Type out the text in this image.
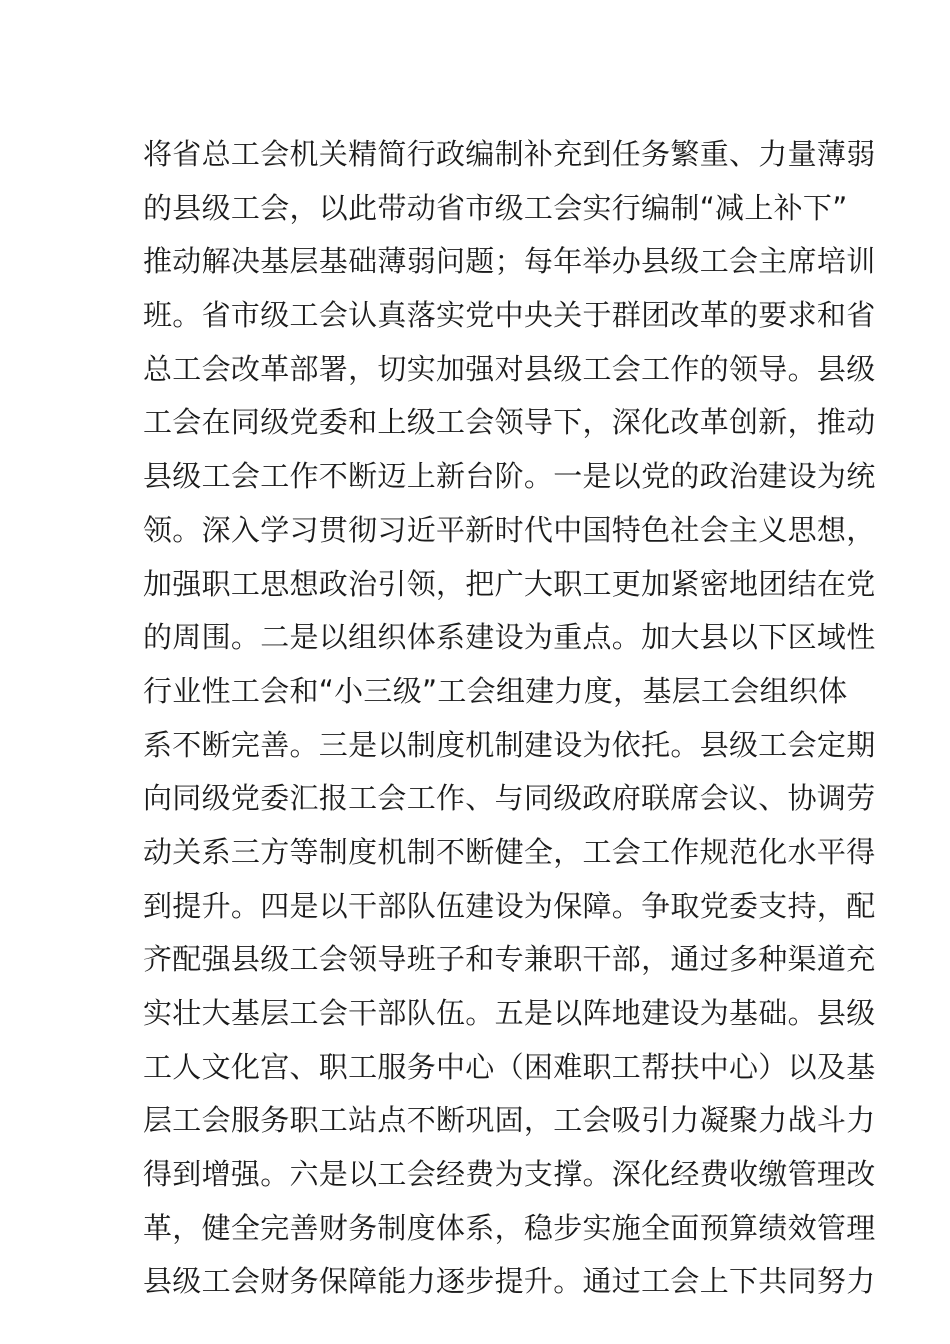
将省总工会机关精简行政编制补充到任务繁重、力量薄弱
的县级工会，以此带动省市级工会实行编制“减上补下”
推动解决基层基础薄弱问题；每年举办县级工会主席培训
班。省市级工会认真落实党中央关于群团改革的要求和省
总工会改革部署，切实加强对县级工会工作的领导。县级
工会在同级党委和上级工会领导下，深化改革创新，推动
县级工会工作不断迈上新台阶。一是以党的政治建设为统
领。深入学习贯彻习近平新时代中国特色社会主义思想，
加强职工思想政治引领，把广大职工更加紧密地团结在党
的周围。二是以组织体系建设为重点。加大县以下区域性
行业性工会和“小三级”工会组建力度，基层工会组织体
系不断完善。三是以制度机制建设为依托。县级工会定期
向同级党委汇报工会工作、与同级政府联席会议、协调劳
动关系三方等制度机制不断健全，工会工作规范化水平得
到提升。四是以干部队伍建设为保障。争取党委支持，配
齐配强县级工会领导班子和专兼职干部，通过多种渠道充
实壮大基层工会干部队伍。五是以阵地建设为基础。县级
工人文化宫、职工服务中心（困难职工帮扶中心）以及基
层工会服务职工站点不断巩固，工会吸引力凝聚力战斗力
得到增强。六是以工会经费为支撑。深化经费收缴管理改
革，健全完善财务制度体系，稳步实施全面预算绩效管理
县级工会财务保障能力逐步提升。通过工会上下共同努力
